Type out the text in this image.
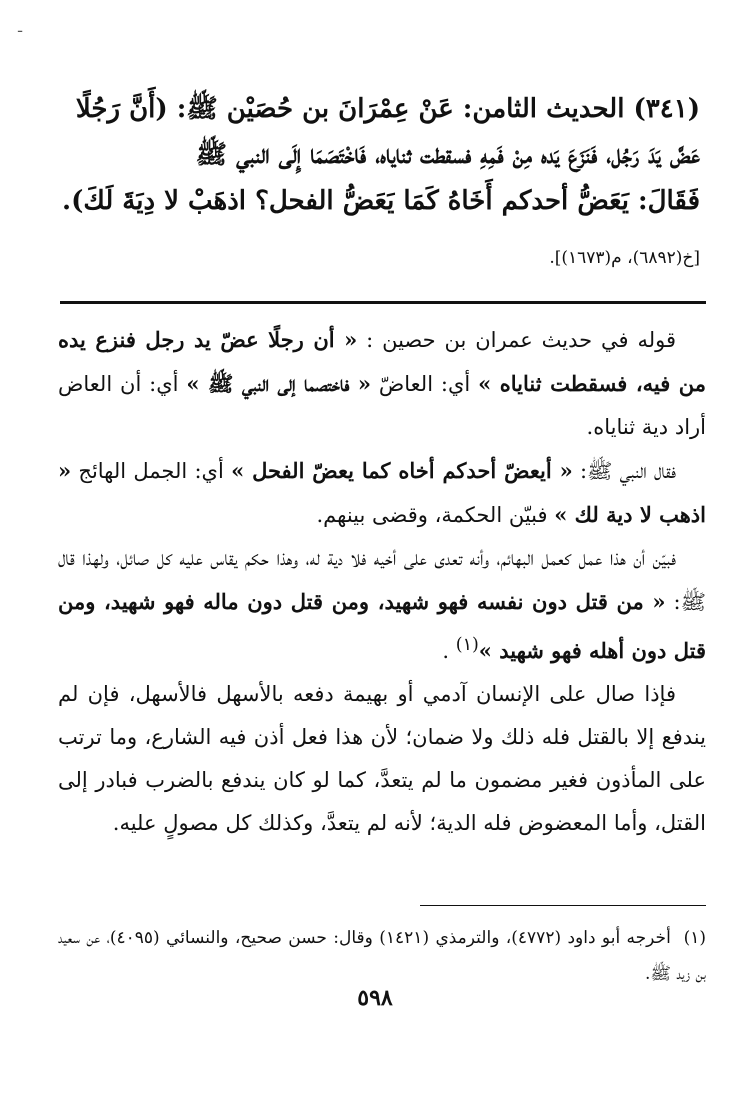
ـ

(٣٤١) الحديث الثامن: عَنْ عِمْرَانَ بن حُصَيْن ﷺ: (أَنَّ رَجُلًا

عَضَّ يَدَ رَجُل، فَنَزَعَ يَده مِنْ فَمِهِ فسقطت ثناياه، فَاخْتَصَمَا إِلَى النبي ﷺ

فَقَالَ: يَعَضُّ أحدكم أَخَاهُ كَمَا يَعَضُّ الفحل؟ اذهَبْ لا دِيَةَ لَكَ).

[خ(٦٨٩٢)، م(١٦٧٣)].

قوله في حديث عمران بن حصين : « أن رجلًا عضّ يد رجل فنزع يده من فيه، فسقطت ثناياه » أي: العاضّ « فاختصما إلى النبي ﷺ » أي: أن العاض أراد دية ثناياه.

فقال النبي ﷺ: « أيعضّ أحدكم أخاه كما يعضّ الفحل » أي: الجمل الهائج « اذهب لا دية لك » فبيّن الحكمة، وقضى بينهم.

فبيّن أن هذا عمل كعمل البهائم، وأنه تعدى على أخيه فلا دية له، وهذا حكم يقاس عليه كل صائل، ولهذا قال ﷺ: « من قتل دون نفسه فهو شهيد، ومن قتل دون ماله فهو شهيد، ومن قتل دون أهله فهو شهيد »$^{(١)}$ .

فإذا صال على الإنسان آدمي أو بهيمة دفعه بالأسهل فالأسهل، فإن لم يندفع إلا بالقتل فله ذلك ولا ضمان؛ لأن هذا فعل أذن فيه الشارع، وما ترتب على المأذون فغير مضمون ما لم يتعدَّ، كما لو كان يندفع بالضرب فبادر إلى القتل، وأما المعضوض فله الدية؛ لأنه لم يتعدَّ، وكذلك كل مصولٍ عليه.

(١)  أخرجه أبو داود (٤٧٧٢)، والترمذي (١٤٢١) وقال: حسن صحيح، والنسائي (٤٠٩٥)، عن سعيد بن زيد ﷺ.

٥٩٨
